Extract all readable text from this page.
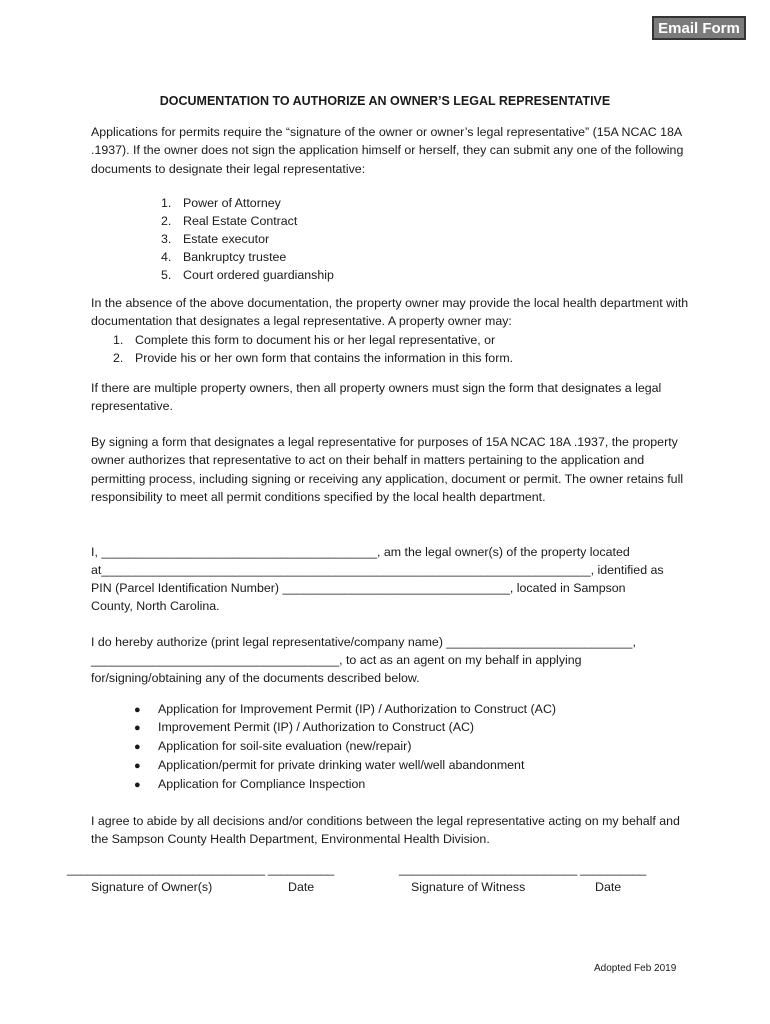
Email Form
DOCUMENTATION TO AUTHORIZE AN OWNER’S LEGAL REPRESENTATIVE
Applications for permits require the “signature of the owner or owner’s legal representative” (15A NCAC 18A .1937). If the owner does not sign the application himself or herself, they can submit any one of the following documents to designate their legal representative:
1. Power of Attorney
2. Real Estate Contract
3. Estate executor
4. Bankruptcy trustee
5. Court ordered guardianship
In the absence of the above documentation, the property owner may provide the local health department with documentation that designates a legal representative. A property owner may:
1. Complete this form to document his or her legal representative, or
2. Provide his or her own form that contains the information in this form.
If there are multiple property owners, then all property owners must sign the form that designates a legal representative.
By signing a form that designates a legal representative for purposes of 15A NCAC 18A .1937, the property owner authorizes that representative to act on their behalf in matters pertaining to the application and permitting process, including signing or receiving any application, document or permit. The owner retains full responsibility to meet all permit conditions specified by the local health department.
I, ________________________________________, am the legal owner(s) of the property located
at_______________________________________________________________________, identified as
PIN (Parcel Identification Number) _________________________________, located in Sampson
County, North Carolina.
I do hereby authorize (print legal representative/company name) ___________________________,
____________________________________, to act as an agent on my behalf in applying
for/signing/obtaining any of the documents described below.
● Application for Improvement Permit (IP) / Authorization to Construct (AC)
● Improvement Permit (IP) / Authorization to Construct (AC)
● Application for soil-site evaluation (new/repair)
● Application/permit for private drinking water well/well abandonment
● Application for Compliance Inspection
I agree to abide by all decisions and/or conditions between the legal representative acting on my behalf and the Sampson County Health Department, Environmental Health Division.
______________________________ __________	___________________________ __________
Signature of Owner(s)	Date	Signature of Witness	Date
Adopted Feb 2019
